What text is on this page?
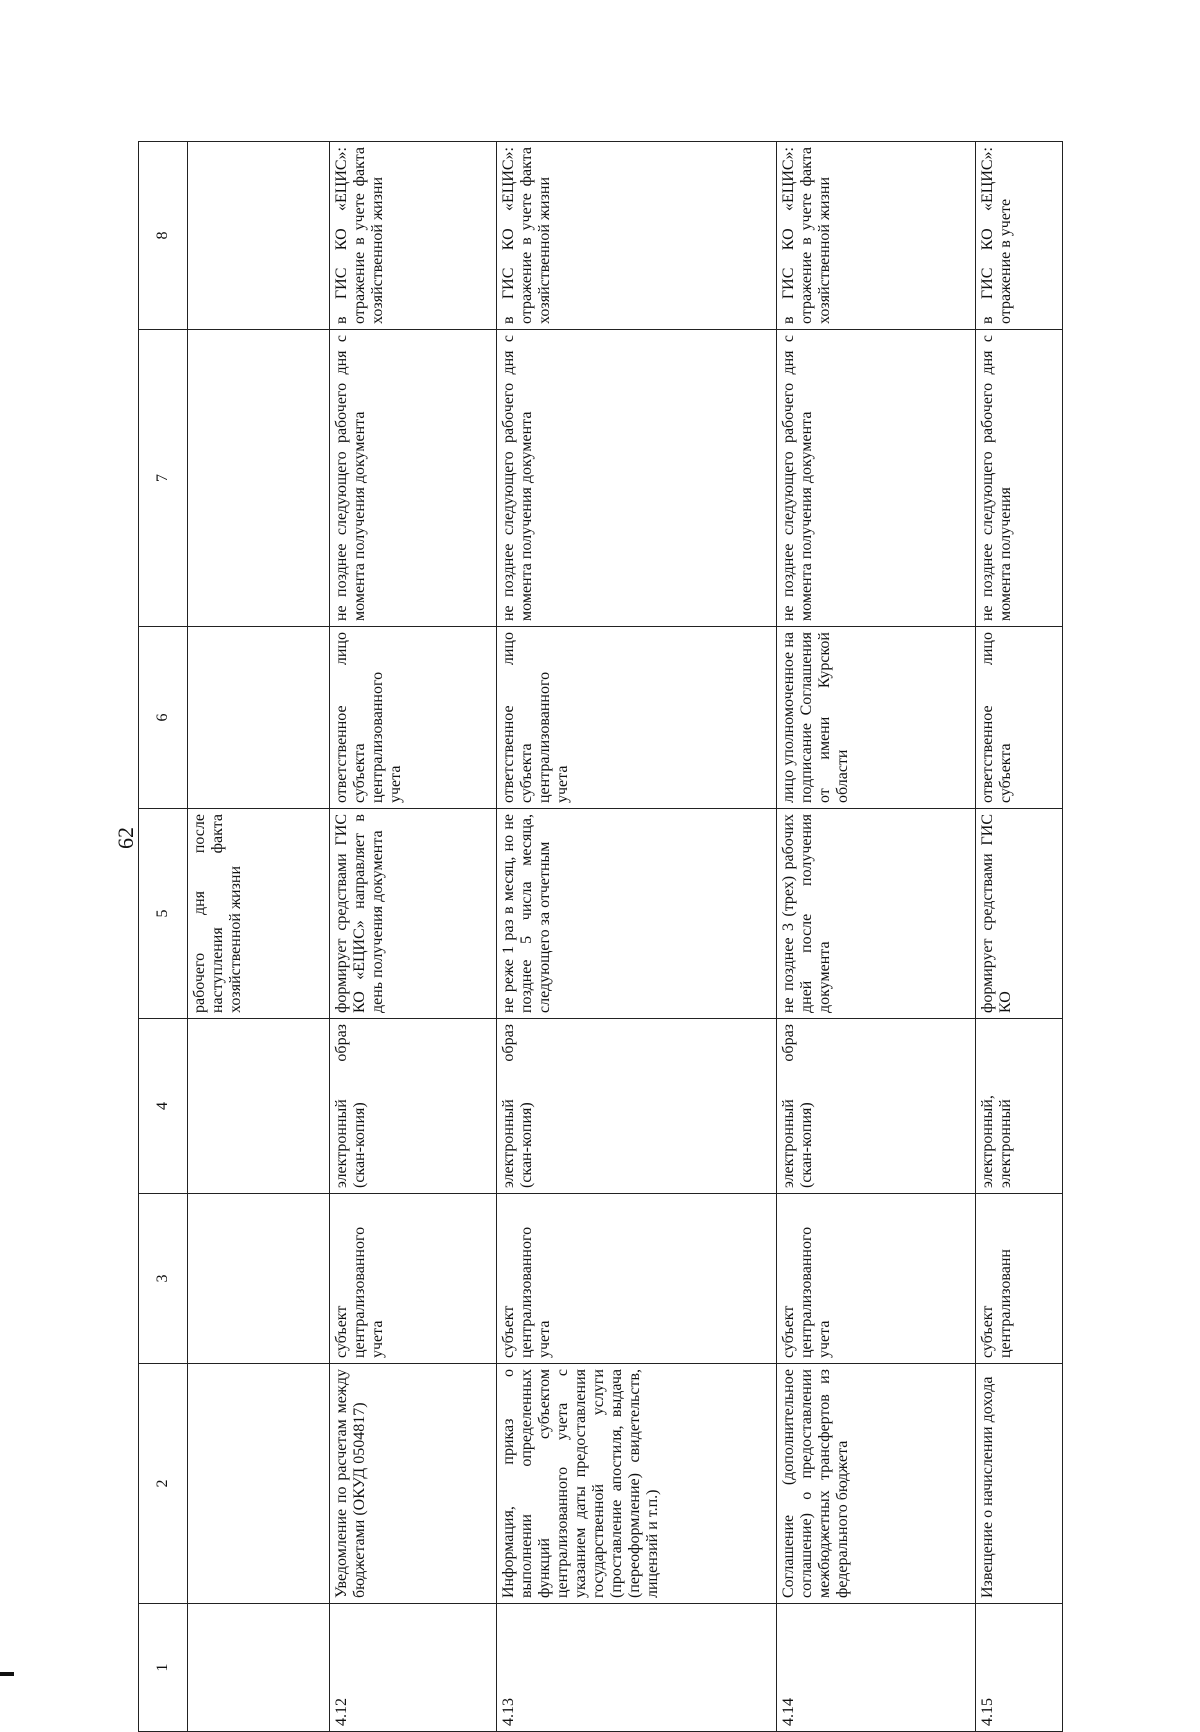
62
1	2	3	4	5	6	7	8
				рабочего дня после наступления факта хозяйственной жизни			
4.12	Уведомление по расчетам между бюджетами (ОКУД 0504817)	субъект централизованного учета	электронный образ (скан-копия)	формирует средствами ГИС КО «ЕЦИС» направляет в день получения документа	ответственное лицо субъекта централизованного учета	не позднее следующего рабочего дня с момента получения документа	в ГИС КО «ЕЦИС»: отражение в учете факта хозяйственной жизни
4.13	Информация, приказ о выполнении определенных функций субъектом централизованного учета с указанием даты предоставления государственной услуги (проставление апостиля, выдача (переоформление) свидетельств, лицензий и т.п.)	субъект централизованного учета	электронный образ (скан-копия)	не реже 1 раз в месяц, но не позднее 5 числа месяца, следующего за отчетным	ответственное лицо субъекта централизованного учета	не позднее следующего рабочего дня с момента получения документа	в ГИС КО «ЕЦИС»: отражение в учете факта хозяйственной жизни
4.14	Соглашение (дополнительное соглашение) о предоставлении межбюджетных трансфертов из федерального бюджета	субъект централизованного учета	электронный образ (скан-копия)	не позднее 3 (трех) рабочих дней после получения документа	лицо уполномоченное на подписание Соглашения от имени Курской области	не позднее следующего рабочего дня с момента получения документа	в ГИС КО «ЕЦИС»: отражение в учете факта хозяйственной жизни
4.15	Извещение о начислении дохода	субъект централизованн	электронный, электронный	формирует средствами ГИС КО	ответственное лицо субъекта	не позднее следующего рабочего дня с момента получения	в ГИС КО «ЕЦИС»: отражение в учете
